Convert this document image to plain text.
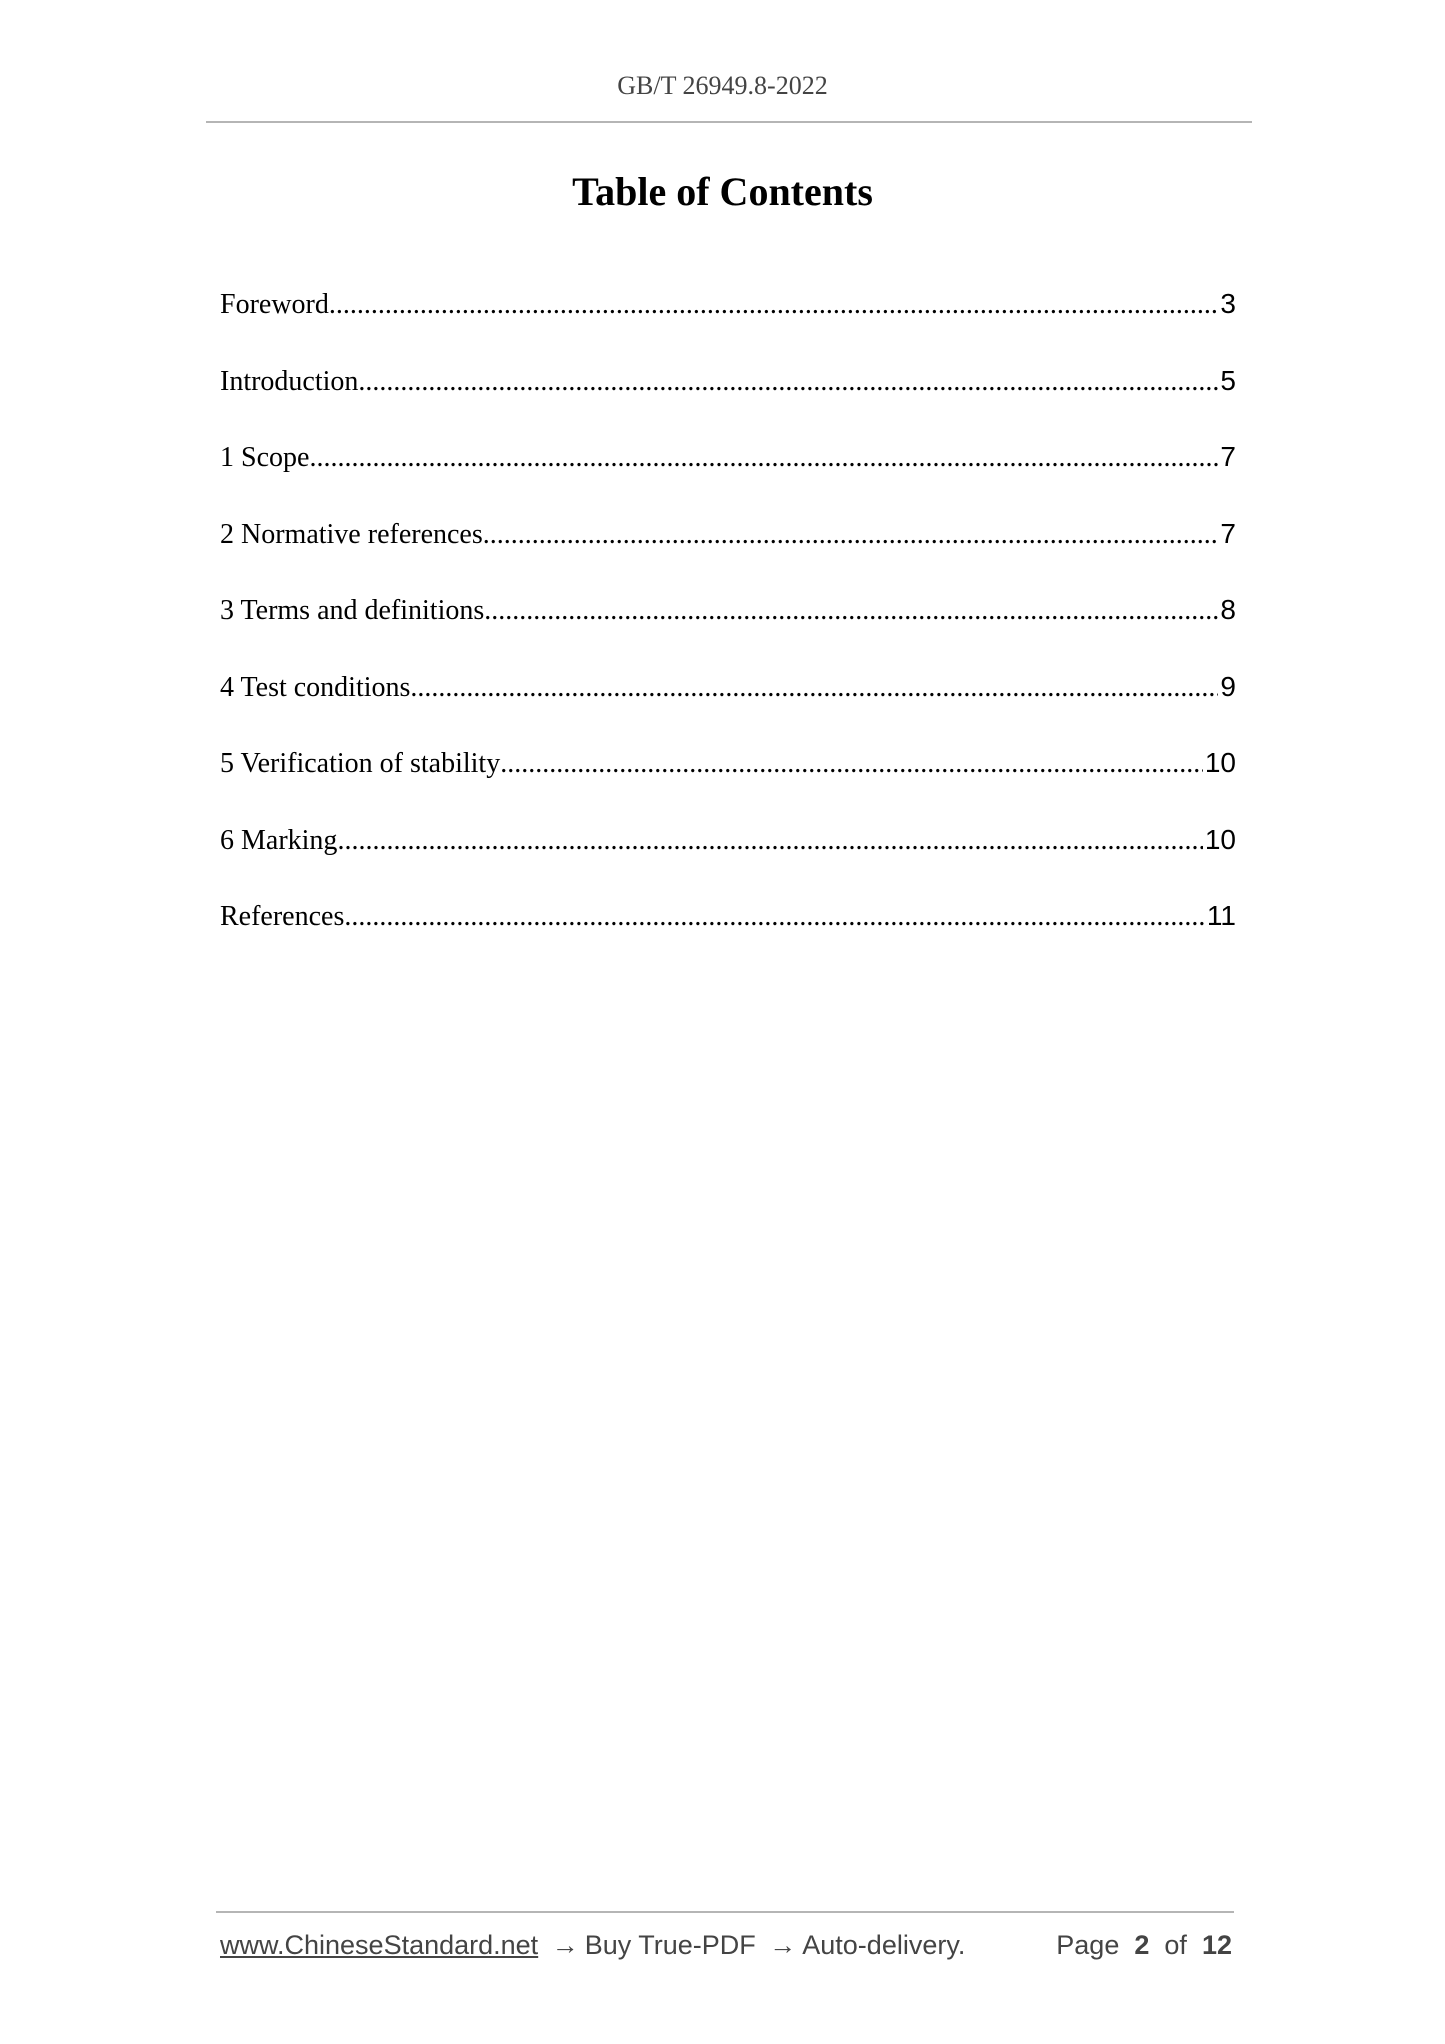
GB/T 26949.8-2022
Table of Contents
Foreword .....	3
Introduction .....	5
1 Scope .....	7
2 Normative references .....	7
3 Terms and definitions .....	8
4 Test conditions .....	9
5 Verification of stability .....	10
6 Marking .....	10
References .....	11
www.ChineseStandard.net → Buy True-PDF → Auto-delivery.	Page 2 of 12
